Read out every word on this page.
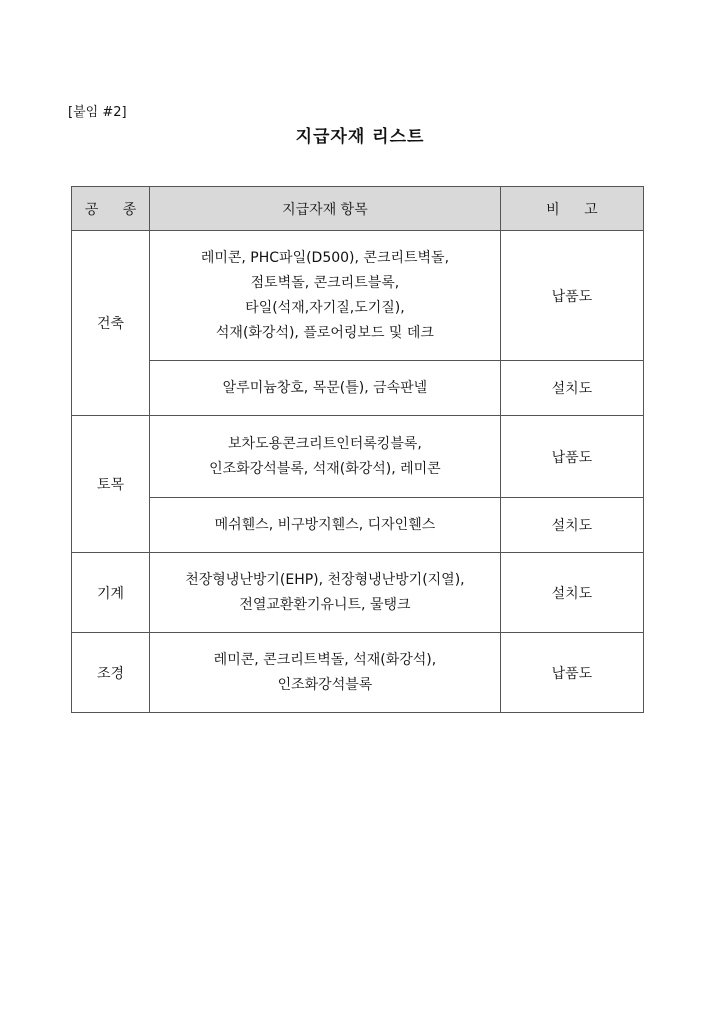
[붙임 #2]
지급자재 리스트
공 종	지급자재 항목	비 고
건축	레미콘, PHC파일(D500), 콘크리트벽돌,
점토벽돌, 콘크리트블록,
타일(석재,자기질,도기질),
석재(화강석), 플로어링보드 및 데크	납품도

	알루미늄창호, 목문(틀), 금속판넬	설치도
토목	보차도용콘크리트인터록킹블록,
인조화강석블록, 석재(화강석), 레미콘	납품도

	메쉬휀스, 비구방지휀스, 디자인휀스	설치도
기계	천장형냉난방기(EHP), 천장형냉난방기(지열),
전열교환환기유니트, 물탱크	설치도
조경	레미콘, 콘크리트벽돌, 석재(화강석),
인조화강석블록	납품도
